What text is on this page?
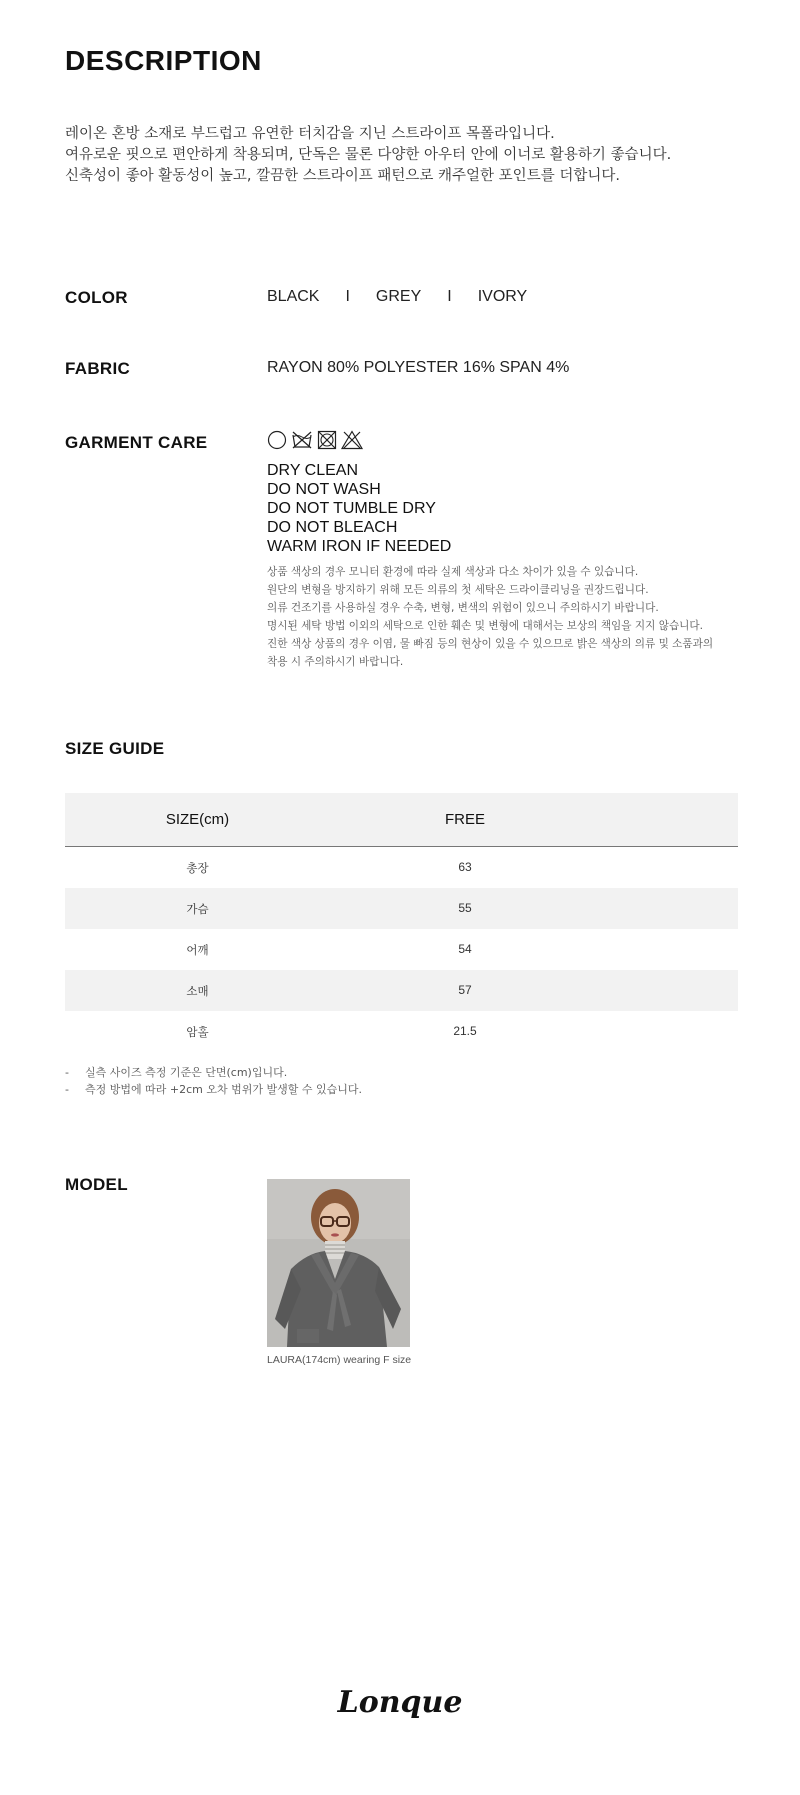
DESCRIPTION
레이온 혼방 소재로 부드럽고 유연한 터치감을 지닌 스트라이프 목폴라입니다.
여유로운 핏으로 편안하게 착용되며, 단독은 물론 다양한 아우터 안에 이너로 활용하기 좋습니다.
신축성이 좋아 활동성이 높고, 깔끔한 스트라이프 패턴으로 캐주얼한 포인트를 더합니다.
COLOR	BLACK I GREY I IVORY
FABRIC	RAYON 80% POLYESTER 16% SPAN 4%
GARMENT CARE
DRY CLEAN
DO NOT WASH
DO NOT TUMBLE DRY
DO NOT BLEACH
WARM IRON IF NEEDED
상품 색상의 경우 모니터 환경에 따라 실제 색상과 다소 차이가 있을 수 있습니다.
원단의 변형을 방지하기 위해 모든 의류의 첫 세탁은 드라이클리닝을 권장드립니다.
의류 건조기를 사용하실 경우 수축, 변형, 변색의 위험이 있으니 주의하시기 바랍니다.
명시된 세탁 방법 이외의 세탁으로 인한 훼손 및 변형에 대해서는 보상의 책임을 지지 않습니다.
진한 색상 상품의 경우 이염, 물 빠짐 등의 현상이 있을 수 있으므로 밝은 색상의 의류 및 소품과의
착용 시 주의하시기 바랍니다.
SIZE GUIDE
SIZE(cm)	FREE
총장	63
가슴	55
어깨	54
소매	57
암홀	21.5
- 실측 사이즈 측정 기준은 단면(cm)입니다.
- 측정 방법에 따라 +2cm 오차 범위가 발생할 수 있습니다.
MODEL
LAURA(174cm) wearing F size
Lonque
